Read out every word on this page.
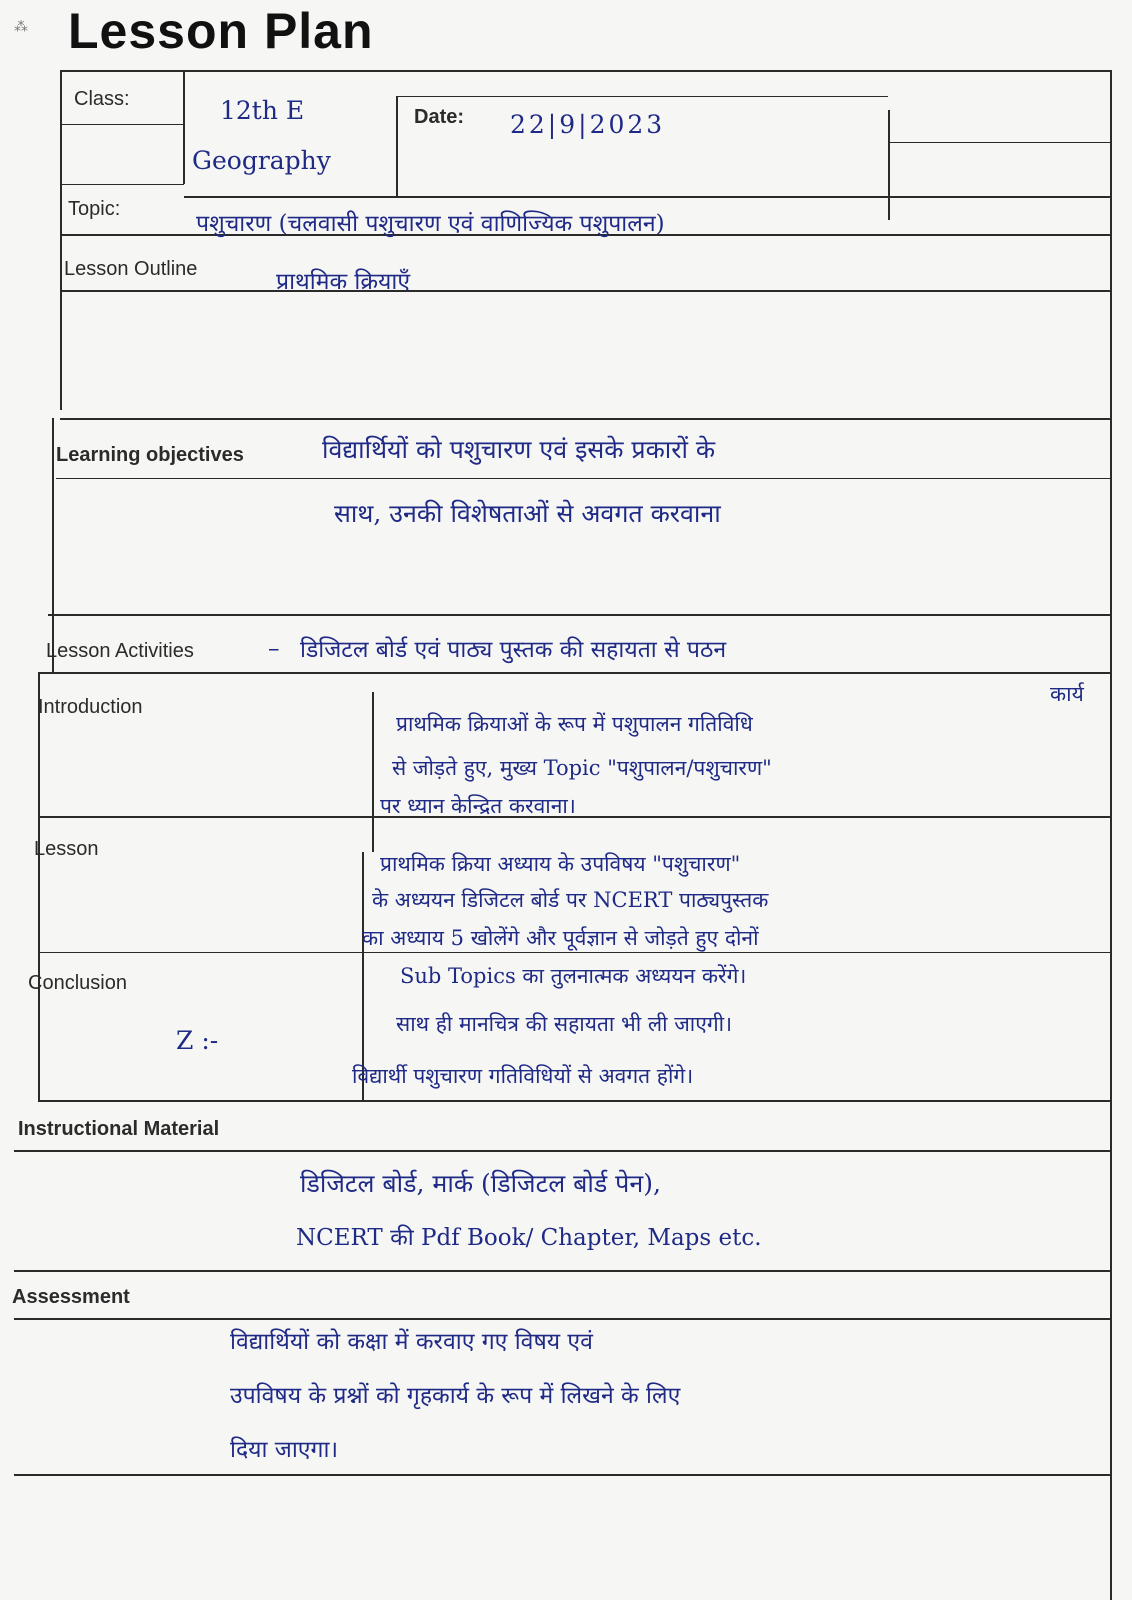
⁂ Lesson Plan
Class:
Date:
Topic:
Lesson Outline
Learning objectives
Lesson Activities
Introduction
Lesson
Conclusion
Instructional Material
Assessment
12th E
Geography
22|9|2023
पशुचारण (चलवासी पशुचारण एवं वाणिज्यिक पशुपालन)
प्राथमिक क्रियाएँ
विद्यार्थियों को पशुचारण एवं इसके प्रकारों के
साथ, उनकी विशेषताओं से अवगत करवाना
– डिजिटल बोर्ड एवं पाठ्य पुस्तक की सहायता से पठन
कार्य
प्राथमिक क्रियाओं के रूप में पशुपालन गतिविधि
से जोड़ते हुए, मुख्य Topic "पशुपालन/पशुचारण"
पर ध्यान केन्द्रित करवाना।
प्राथमिक क्रिया अध्याय के उपविषय "पशुचारण"
के अध्ययन डिजिटल बोर्ड पर NCERT पाठ्यपुस्तक
का अध्याय 5 खोलेंगे और पूर्वज्ञान से जोड़ते हुए दोनों
Sub Topics का तुलनात्मक अध्ययन करेंगे।
साथ ही मानचित्र की सहायता भी ली जाएगी।
Z :-
विद्यार्थी पशुचारण गतिविधियों से अवगत होंगे।
डिजिटल बोर्ड, मार्क (डिजिटल बोर्ड पेन),
NCERT की Pdf Book/ Chapter, Maps etc.
विद्यार्थियों को कक्षा में करवाए गए विषय एवं
उपविषय के प्रश्नों को गृहकार्य के रूप में लिखने के लिए
दिया जाएगा।
